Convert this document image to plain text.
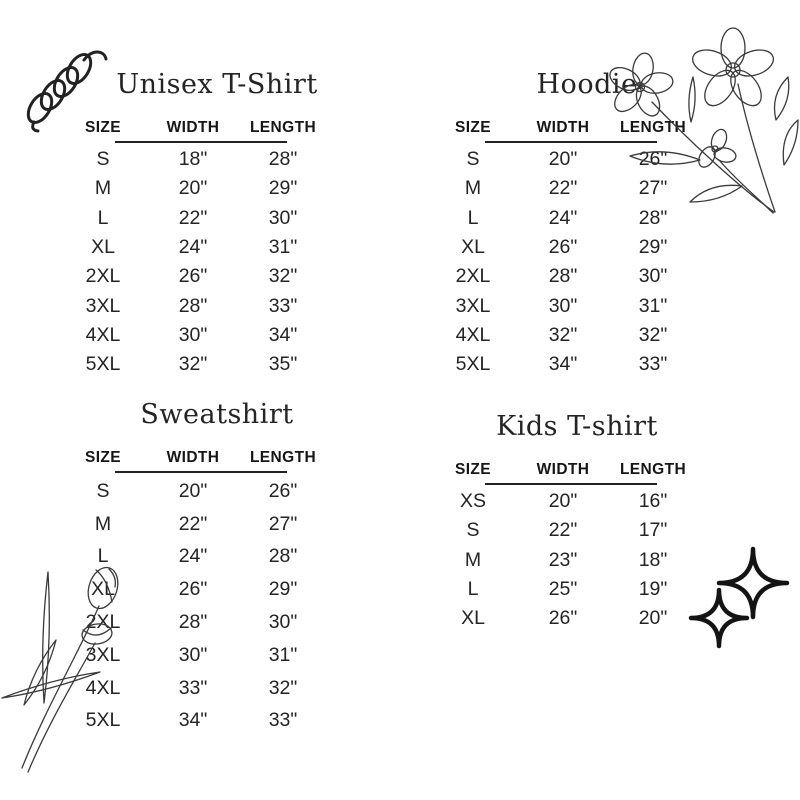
Unisex T-Shirt
SIZE	WIDTH	LENGTH
S	18"	28"
M	20"	29"
L	22"	30"
XL	24"	31"
2XL	26"	32"
3XL	28"	33"
4XL	30"	34"
5XL	32"	35"
Hoodie
SIZE	WIDTH	LENGTH
S	20"	26"
M	22"	27"
L	24"	28"
XL	26"	29"
2XL	28"	30"
3XL	30"	31"
4XL	32"	32"
5XL	34"	33"
Sweatshirt
SIZE	WIDTH	LENGTH
S	20"	26"
M	22"	27"
L	24"	28"
XL	26"	29"
2XL	28"	30"
3XL	30"	31"
4XL	33"	32"
5XL	34"	33"
Kids T-shirt
SIZE	WIDTH	LENGTH
XS	20"	16"
S	22"	17"
M	23"	18"
L	25"	19"
XL	26"	20"
